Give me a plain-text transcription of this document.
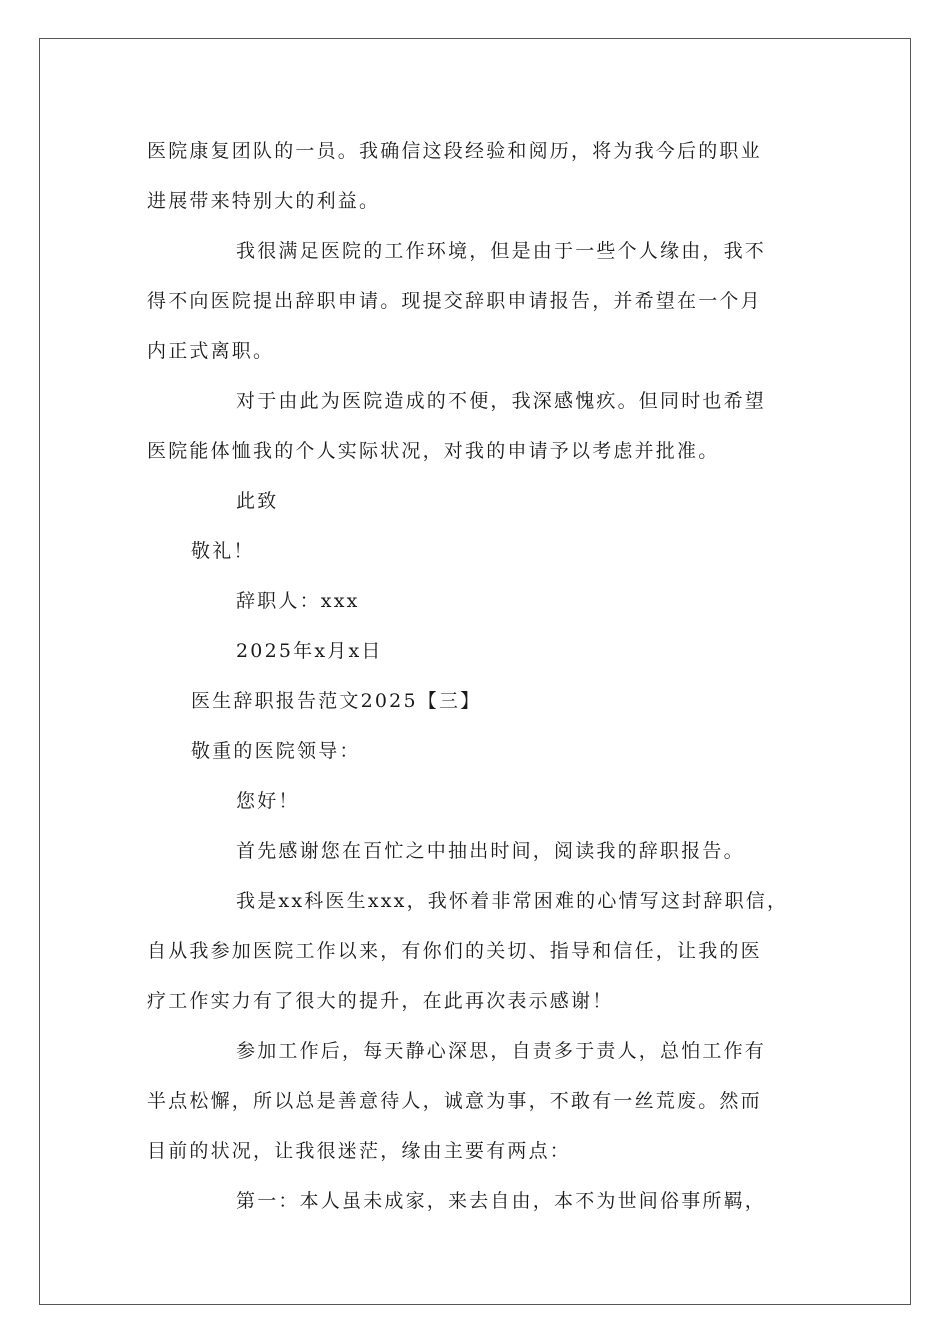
医院康复团队的一员。我确信这段经验和阅历，将为我今后的职业
进展带来特别大的利益。
我很满足医院的工作环境，但是由于一些个人缘由，我不
得不向医院提出辞职申请。现提交辞职申请报告，并希望在一个月
内正式离职。
对于由此为医院造成的不便，我深感愧疚。但同时也希望
医院能体恤我的个人实际状况，对我的申请予以考虑并批准。
此致
敬礼！
辞职人：xxx
2025年x月x日
医生辞职报告范文2025【三】
敬重的医院领导：
您好！
首先感谢您在百忙之中抽出时间，阅读我的辞职报告。
我是xx科医生xxx，我怀着非常困难的心情写这封辞职信，
自从我参加医院工作以来，有你们的关切、指导和信任，让我的医
疗工作实力有了很大的提升，在此再次表示感谢！
参加工作后，每天静心深思，自责多于责人，总怕工作有
半点松懈，所以总是善意待人，诚意为事，不敢有一丝荒废。然而
目前的状况，让我很迷茫，缘由主要有两点：
第一：本人虽未成家，来去自由，本不为世间俗事所羁，
